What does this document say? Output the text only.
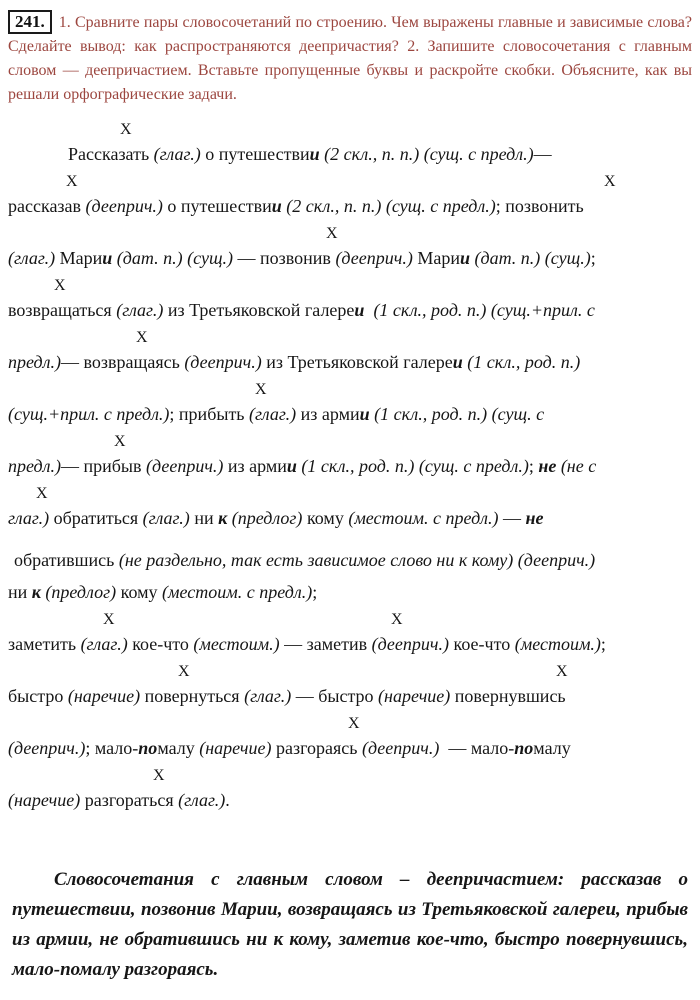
241. 1. Сравните пары словосочетаний по строению. Чем выражены главные и зависимые слова? Сделайте вывод: как распространяются деепричастия? 2. Запишите словосочетания с главным словом — деепричастием. Вставьте пропущенные буквы и раскройте скобки. Объясните, как вы решали орфографические задачи.
X
Рассказать (глаг.) о путешествии (2 скл., п. п.) (сущ. с предл.)—
X	X
рассказав (дееприч.) о путешествии (2 скл., п. п.) (сущ. с предл.); позвонить
X
(глаг.) Марии (дат. п.) (сущ.) — позвонив (дееприч.) Марии (дат. п.) (сущ.);
X
возвращаться (глаг.) из Третьяковской галереи (1 скл., род. п.) (сущ.+прил. с
X
предл.)— возвращаясь (дееприч.) из Третьяковской галереи (1 скл., род. п.)
X
(сущ.+прил. с предл.); прибыть (глаг.) из армии (1 скл., род. п.) (сущ. с
X
предл.)— прибыв (дееприч.) из армии (1 скл., род. п.) (сущ. с предл.); не (не с
X
глаг.) обратиться (глаг.) ни к (предлог) кому (местоим. с предл.) — не
обратившись (не раздельно, так есть зависимое слово ни к кому) (дееприч.)
ни к (предлог) кому (местоим. с предл.);
X	X
заметить (глаг.) кое-что (местоим.) — заметив (дееприч.) кое-что (местоим.);
X	X
быстро (наречие) повернуться (глаг.) — быстро (наречие) повернувшись
X
(дееприч.); мало-помалу (наречие) разгораясь (дееприч.)  — мало-помалу
X
(наречие) разгораться (глаг.).

Словосочетания с главным словом – деепричастием: рассказав о путешествии, позвонив Марии, возвращаясь из Третьяковской галереи, прибыв из армии, не обратившись ни к кому, заметив кое-что, быстро повернувшись, мало-помалу разгораясь.
